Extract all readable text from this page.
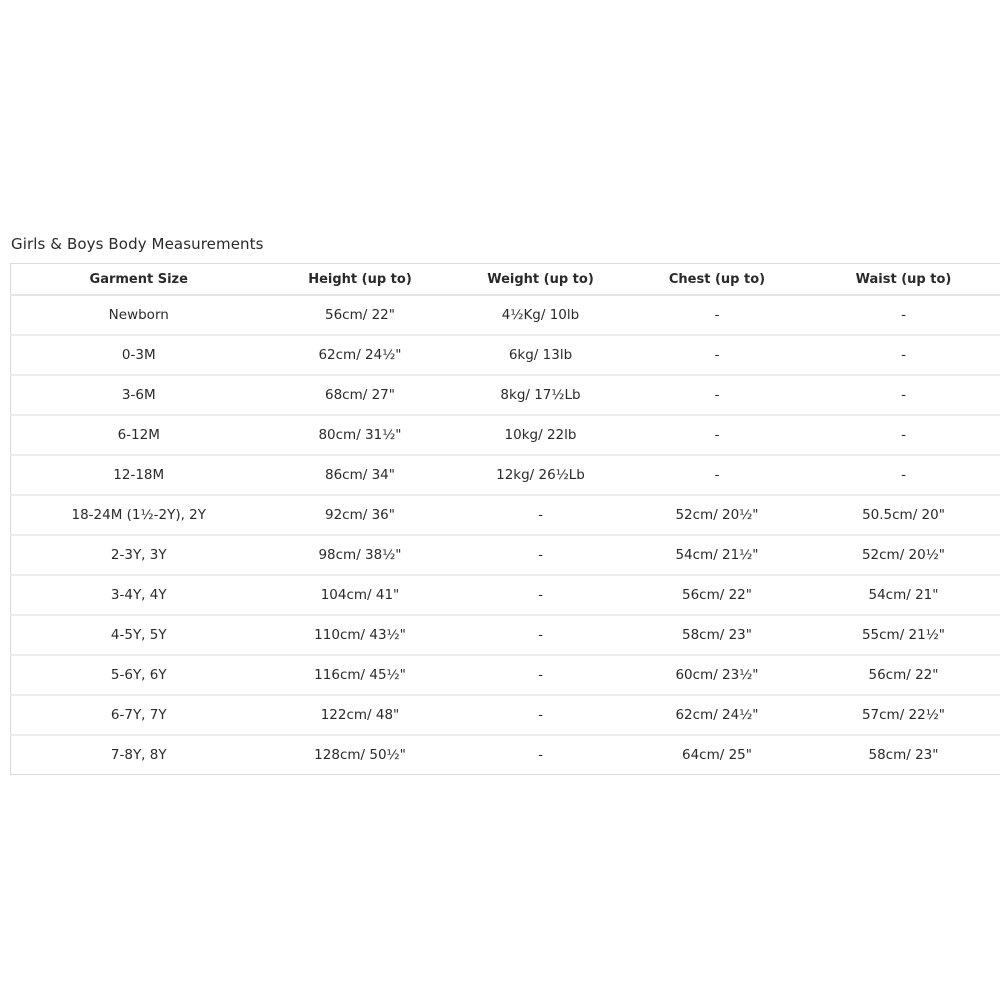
Girls & Boys Body Measurements
Garment Size	Height (up to)	Weight (up to)	Chest (up to)	Waist (up to)
Newborn	56cm/ 22"	4½Kg/ 10lb	-	-
0-3M	62cm/ 24½"	6kg/ 13lb	-	-
3-6M	68cm/ 27"	8kg/ 17½Lb	-	-
6-12M	80cm/ 31½"	10kg/ 22lb	-	-
12-18M	86cm/ 34"	12kg/ 26½Lb	-	-
18-24M (1½-2Y), 2Y	92cm/ 36"	-	52cm/ 20½"	50.5cm/ 20"
2-3Y, 3Y	98cm/ 38½"	-	54cm/ 21½"	52cm/ 20½"
3-4Y, 4Y	104cm/ 41"	-	56cm/ 22"	54cm/ 21"
4-5Y, 5Y	110cm/ 43½"	-	58cm/ 23"	55cm/ 21½"
5-6Y, 6Y	116cm/ 45½"	-	60cm/ 23½"	56cm/ 22"
6-7Y, 7Y	122cm/ 48"	-	62cm/ 24½"	57cm/ 22½"
7-8Y, 8Y	128cm/ 50½"	-	64cm/ 25"	58cm/ 23"
